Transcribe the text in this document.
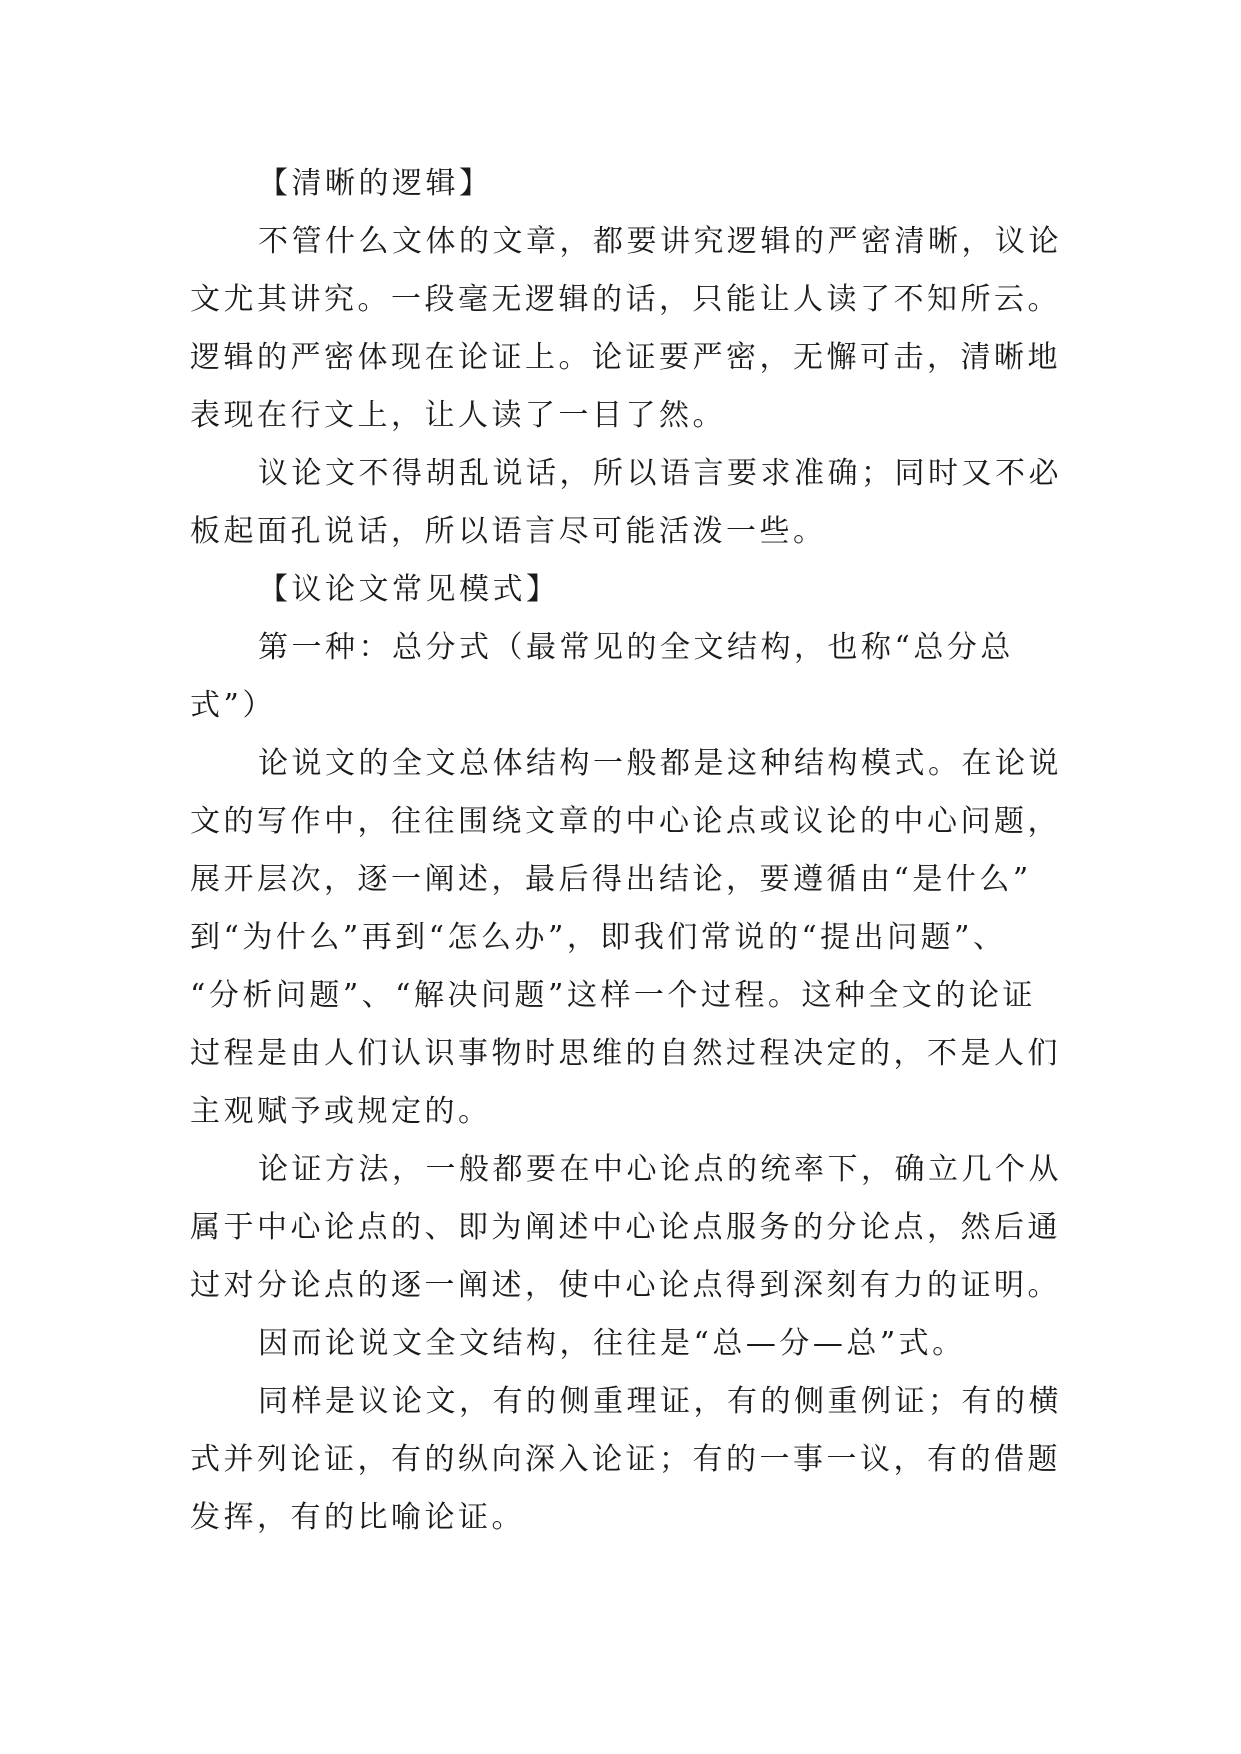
【清晰的逻辑】
不管什么文体的文章，都要讲究逻辑的严密清晰，议论
文尤其讲究。一段毫无逻辑的话，只能让人读了不知所云。
逻辑的严密体现在论证上。论证要严密，无懈可击，清晰地
表现在行文上，让人读了一目了然。
议论文不得胡乱说话，所以语言要求准确；同时又不必
板起面孔说话，所以语言尽可能活泼一些。
【议论文常见模式】
第一种：总分式（最常见的全文结构，也称“总分总
式”）
论说文的全文总体结构一般都是这种结构模式。在论说
文的写作中，往往围绕文章的中心论点或议论的中心问题，
展开层次，逐一阐述，最后得出结论，要遵循由“是什么”
到“为什么”再到“怎么办”，即我们常说的“提出问题”、
“分析问题”、“解决问题”这样一个过程。这种全文的论证
过程是由人们认识事物时思维的自然过程决定的，不是人们
主观赋予或规定的。
论证方法，一般都要在中心论点的统率下，确立几个从
属于中心论点的、即为阐述中心论点服务的分论点，然后通
过对分论点的逐一阐述，使中心论点得到深刻有力的证明。
因而论说文全文结构，往往是“总—分—总”式。
同样是议论文，有的侧重理证，有的侧重例证；有的横
式并列论证，有的纵向深入论证；有的一事一议，有的借题
发挥，有的比喻论证。
